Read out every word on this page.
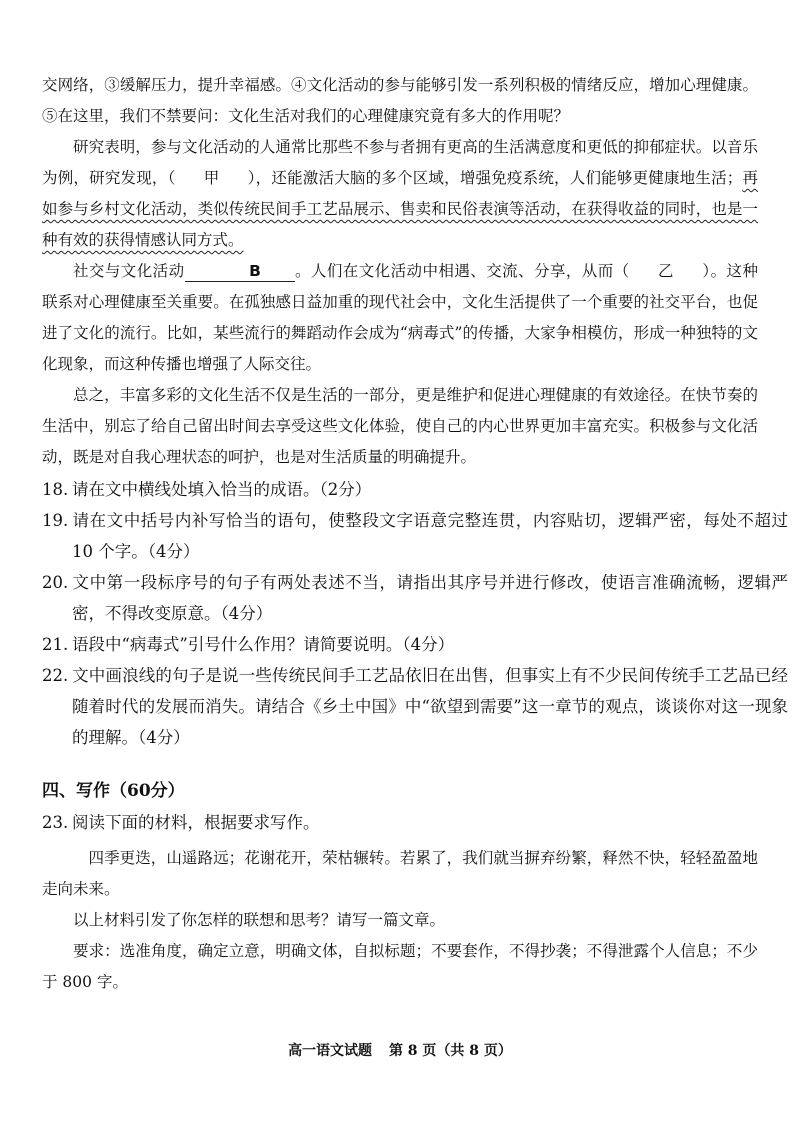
交网络，③缓解压力，提升幸福感。④文化活动的参与能够引发一系列积极的情绪反应，增加心理健康。⑤在这里，我们不禁要问：文化生活对我们的心理健康究竟有多大的作用呢？

研究表明，参与文化活动的人通常比那些不参与者拥有更高的生活满意度和更低的抑郁症状。以音乐为例，研究发现，（ 甲 ），还能激活大脑的多个区域，增强免疫系统，人们能够更健康地生活；再如参与乡村文化活动，类似传统民间手工艺品展示、售卖和民俗表演等活动，在获得收益的同时，也是一种有效的获得情感认同方式。

社交与文化活动	B 。人们在文化活动中相遇、交流、分享，从而（ 乙 ）。这种联系对心理健康至关重要。在孤独感日益加重的现代社会中，文化生活提供了一个重要的社交平台，也促进了文化的流行。比如，某些流行的舞蹈动作会成为“病毒式”的传播，大家争相模仿，形成一种独特的文化现象，而这种传播也增强了人际交往。

总之，丰富多彩的文化生活不仅是生活的一部分，更是维护和促进心理健康的有效途径。在快节奏的生活中，别忘了给自己留出时间去享受这些文化体验，使自己的内心世界更加丰富充实。积极参与文化活动，既是对自我心理状态的呵护，也是对生活质量的明确提升。

18. 请在文中横线处填入恰当的成语。（2分）

19. 请在文中括号内补写恰当的语句，使整段文字语意完整连贯，内容贴切，逻辑严密，每处不超过 10 个字。（4分）

20. 文中第一段标序号的句子有两处表述不当，请指出其序号并进行修改，使语言准确流畅，逻辑严密，不得改变原意。（4分）

21. 语段中“病毒式”引号什么作用？请简要说明。（4分）

22. 文中画浪线的句子是说一些传统民间手工艺品依旧在出售，但事实上有不少民间传统手工艺品已经随着时代的发展而消失。请结合《乡土中国》中“欲望到需要”这一章节的观点，谈谈你对这一现象的理解。（4分）

四、写作（60分）

23. 阅读下面的材料，根据要求写作。

四季更迭，山遥路远；花谢花开，荣枯辗转。若累了，我们就当摒弃纷繁，释然不快，轻轻盈盈地走向未来。

以上材料引发了你怎样的联想和思考？请写一篇文章。

要求：选准角度，确定立意，明确文体，自拟标题；不要套作，不得抄袭；不得泄露个人信息；不少于 800 字。

高一语文试题 第 8 页（共 8 页）
